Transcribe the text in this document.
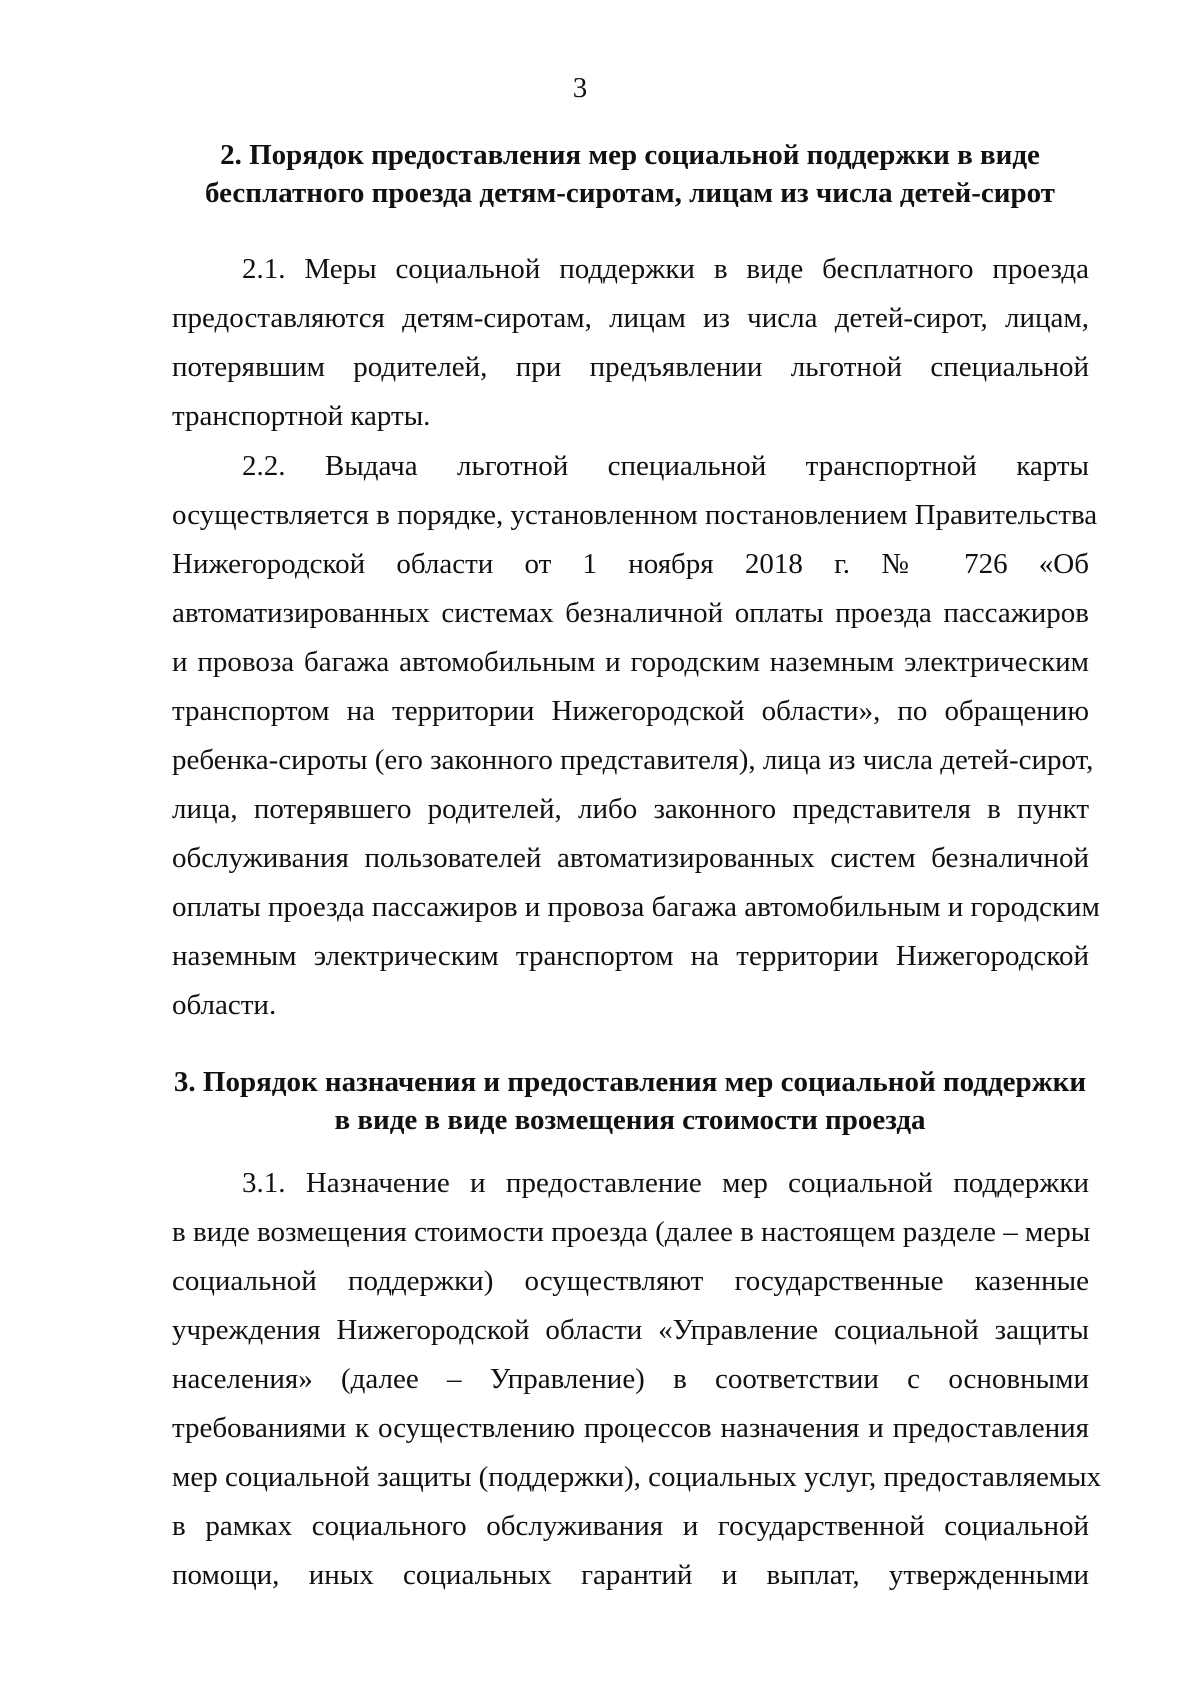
3
2. Порядок предоставления мер социальной поддержки в виде
бесплатного проезда детям-сиротам, лицам из числа детей-сирот
2.1. Меры социальной поддержки в виде бесплатного проезда
предоставляются детям-сиротам, лицам из числа детей-сирот, лицам,
потерявшим родителей, при предъявлении льготной специальной
транспортной карты.
2.2. Выдача льготной специальной транспортной карты
осуществляется в порядке, установленном постановлением Правительства
Нижегородской области от 1 ноября 2018 г. № 726 «Об
автоматизированных системах безналичной оплаты проезда пассажиров
и провоза багажа автомобильным и городским наземным электрическим
транспортом на территории Нижегородской области», по обращению
ребенка-сироты (его законного представителя), лица из числа детей-сирот,
лица, потерявшего родителей, либо законного представителя в пункт
обслуживания пользователей автоматизированных систем безналичной
оплаты проезда пассажиров и провоза багажа автомобильным и городским
наземным электрическим транспортом на территории Нижегородской
области.
3. Порядок назначения и предоставления мер социальной поддержки
в виде в виде возмещения стоимости проезда
3.1. Назначение и предоставление мер социальной поддержки
в виде возмещения стоимости проезда (далее в настоящем разделе – меры
социальной поддержки) осуществляют государственные казенные
учреждения Нижегородской области «Управление социальной защиты
населения» (далее – Управление) в соответствии с основными
требованиями к осуществлению процессов назначения и предоставления
мер социальной защиты (поддержки), социальных услуг, предоставляемых
в рамках социального обслуживания и государственной социальной
помощи, иных социальных гарантий и выплат, утвержденными
